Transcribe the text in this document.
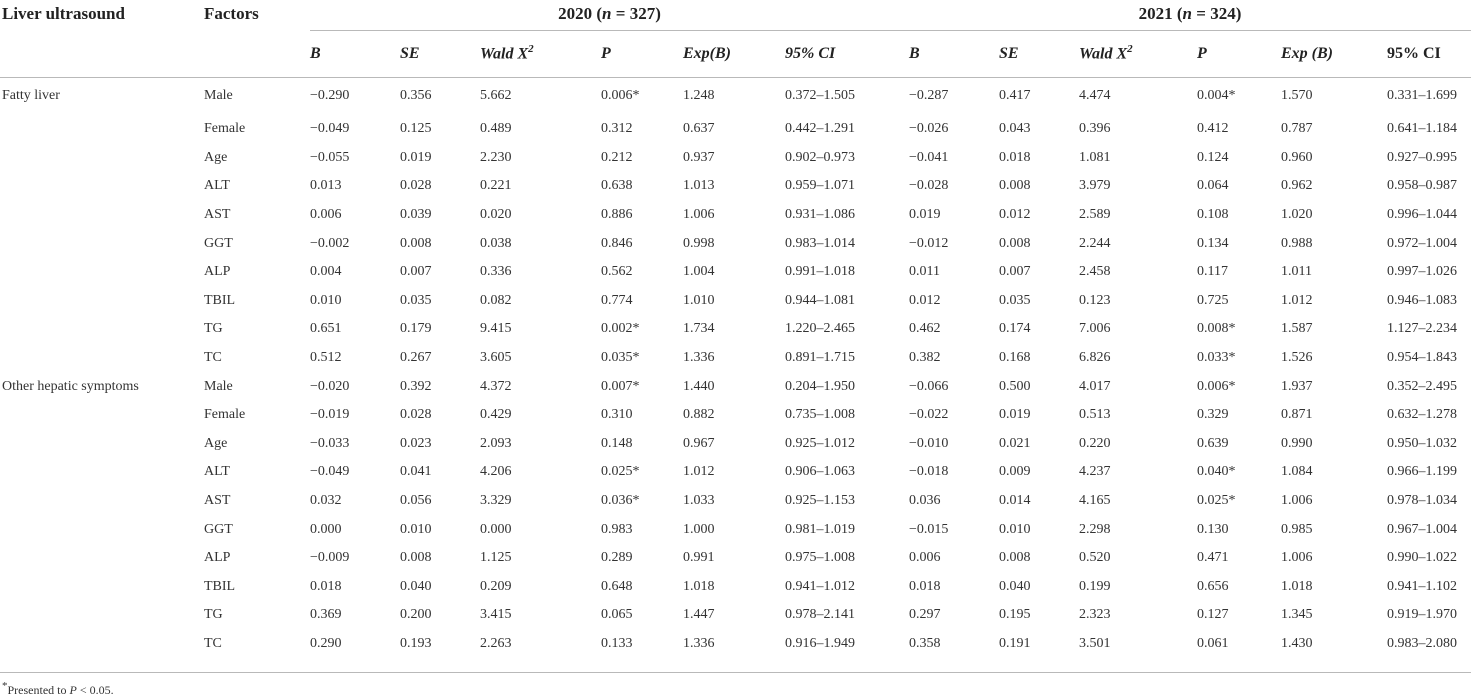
Liver ultrasound	Factors	2020 (n = 327)						2021 (n = 324)					
		B	SE	Wald $X^2$	P	Exp(B)	95% CI	B	SE	Wald $X^2$	P	Exp (B)	95% CI
Fatty liver	Male	−0.290	0.356	5.662	0.006*	1.248	0.372–1.505	−0.287	0.417	4.474	0.004*	1.570	0.331–1.699
	Female	−0.049	0.125	0.489	0.312	0.637	0.442–1.291	−0.026	0.043	0.396	0.412	0.787	0.641–1.184
	Age	−0.055	0.019	2.230	0.212	0.937	0.902–0.973	−0.041	0.018	1.081	0.124	0.960	0.927–0.995
	ALT	0.013	0.028	0.221	0.638	1.013	0.959–1.071	−0.028	0.008	3.979	0.064	0.962	0.958–0.987
	AST	0.006	0.039	0.020	0.886	1.006	0.931–1.086	0.019	0.012	2.589	0.108	1.020	0.996–1.044
	GGT	−0.002	0.008	0.038	0.846	0.998	0.983–1.014	−0.012	0.008	2.244	0.134	0.988	0.972–1.004
	ALP	0.004	0.007	0.336	0.562	1.004	0.991–1.018	0.011	0.007	2.458	0.117	1.011	0.997–1.026
	TBIL	0.010	0.035	0.082	0.774	1.010	0.944–1.081	0.012	0.035	0.123	0.725	1.012	0.946–1.083
	TG	0.651	0.179	9.415	0.002*	1.734	1.220–2.465	0.462	0.174	7.006	0.008*	1.587	1.127–2.234
	TC	0.512	0.267	3.605	0.035*	1.336	0.891–1.715	0.382	0.168	6.826	0.033*	1.526	0.954–1.843
Other hepatic symptoms	Male	−0.020	0.392	4.372	0.007*	1.440	0.204–1.950	−0.066	0.500	4.017	0.006*	1.937	0.352–2.495
	Female	−0.019	0.028	0.429	0.310	0.882	0.735–1.008	−0.022	0.019	0.513	0.329	0.871	0.632–1.278
	Age	−0.033	0.023	2.093	0.148	0.967	0.925–1.012	−0.010	0.021	0.220	0.639	0.990	0.950–1.032
	ALT	−0.049	0.041	4.206	0.025*	1.012	0.906–1.063	−0.018	0.009	4.237	0.040*	1.084	0.966–1.199
	AST	0.032	0.056	3.329	0.036*	1.033	0.925–1.153	0.036	0.014	4.165	0.025*	1.006	0.978–1.034
	GGT	0.000	0.010	0.000	0.983	1.000	0.981–1.019	−0.015	0.010	2.298	0.130	0.985	0.967–1.004
	ALP	−0.009	0.008	1.125	0.289	0.991	0.975–1.008	0.006	0.008	0.520	0.471	1.006	0.990–1.022
	TBIL	0.018	0.040	0.209	0.648	1.018	0.941–1.012	0.018	0.040	0.199	0.656	1.018	0.941–1.102
	TG	0.369	0.200	3.415	0.065	1.447	0.978–2.141	0.297	0.195	2.323	0.127	1.345	0.919–1.970
	TC	0.290	0.193	2.263	0.133	1.336	0.916–1.949	0.358	0.191	3.501	0.061	1.430	0.983–2.080
*Presented to P < 0.05.
